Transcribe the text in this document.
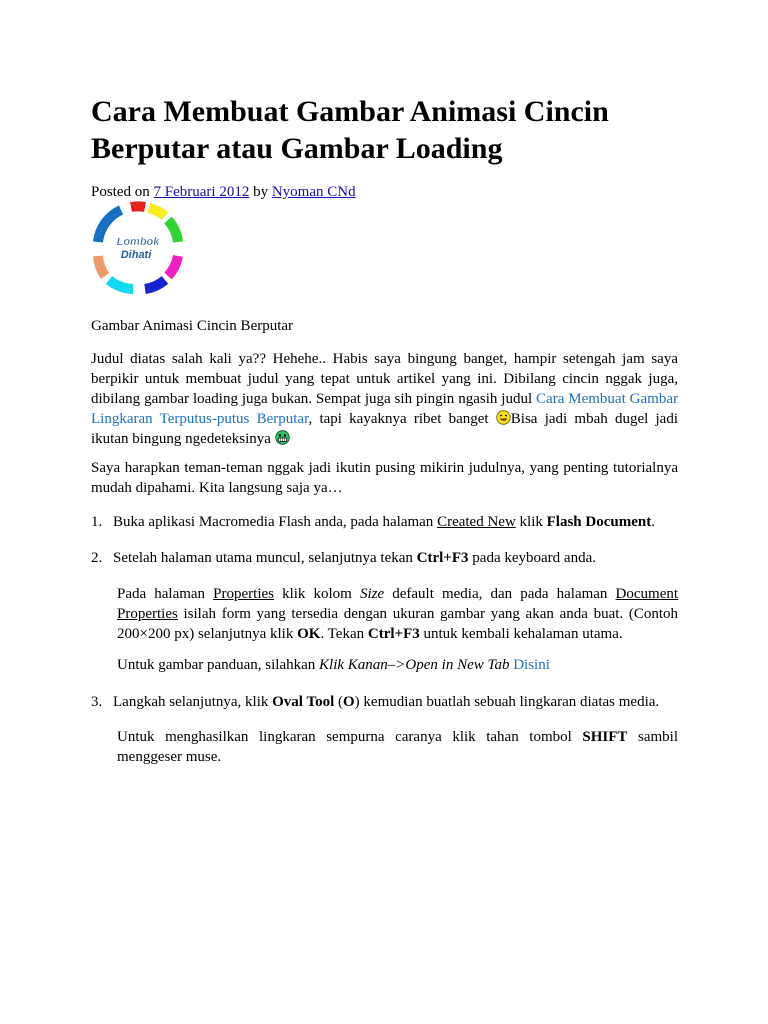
Cara Membuat Gambar Animasi Cincin Berputar atau Gambar Loading
Posted on 7 Februari 2012 by Nyoman CNd
Lombok
Dihati

Gambar Animasi Cincin Berputar

Judul diatas salah kali ya?? Hehehe.. Habis saya bingung banget, hampir setengah jam saya berpikir untuk membuat judul yang tepat untuk artikel yang ini. Dibilang cincin nggak juga, dibilang gambar loading juga bukan. Sempat juga sih pingin ngasih judul Cara Membuat Gambar Lingkaran Terputus-putus Berputar, tapi kayaknya ribet banget Bisa jadi mbah dugel jadi ikutan bingung ngedeteksinya

Saya harapkan teman-teman nggak jadi ikutin pusing mikirin judulnya, yang penting tutorialnya mudah dipahami. Kita langsung saja ya…

1. Buka aplikasi Macromedia Flash anda, pada halaman Created New klik Flash Document.
2. Setelah halaman utama muncul, selanjutnya tekan Ctrl+F3 pada keyboard anda.

Pada halaman Properties klik kolom Size default media, dan pada halaman Document Properties isilah form yang tersedia dengan ukuran gambar yang akan anda buat. (Contoh 200×200 px) selanjutnya klik OK. Tekan Ctrl+F3 untuk kembali kehalaman utama.

Untuk gambar panduan, silahkan Klik Kanan–>Open in New Tab Disini

3. Langkah selanjutnya, klik Oval Tool (O) kemudian buatlah sebuah lingkaran diatas media.

Untuk menghasilkan lingkaran sempurna caranya klik tahan tombol SHIFT sambil menggeser muse.
